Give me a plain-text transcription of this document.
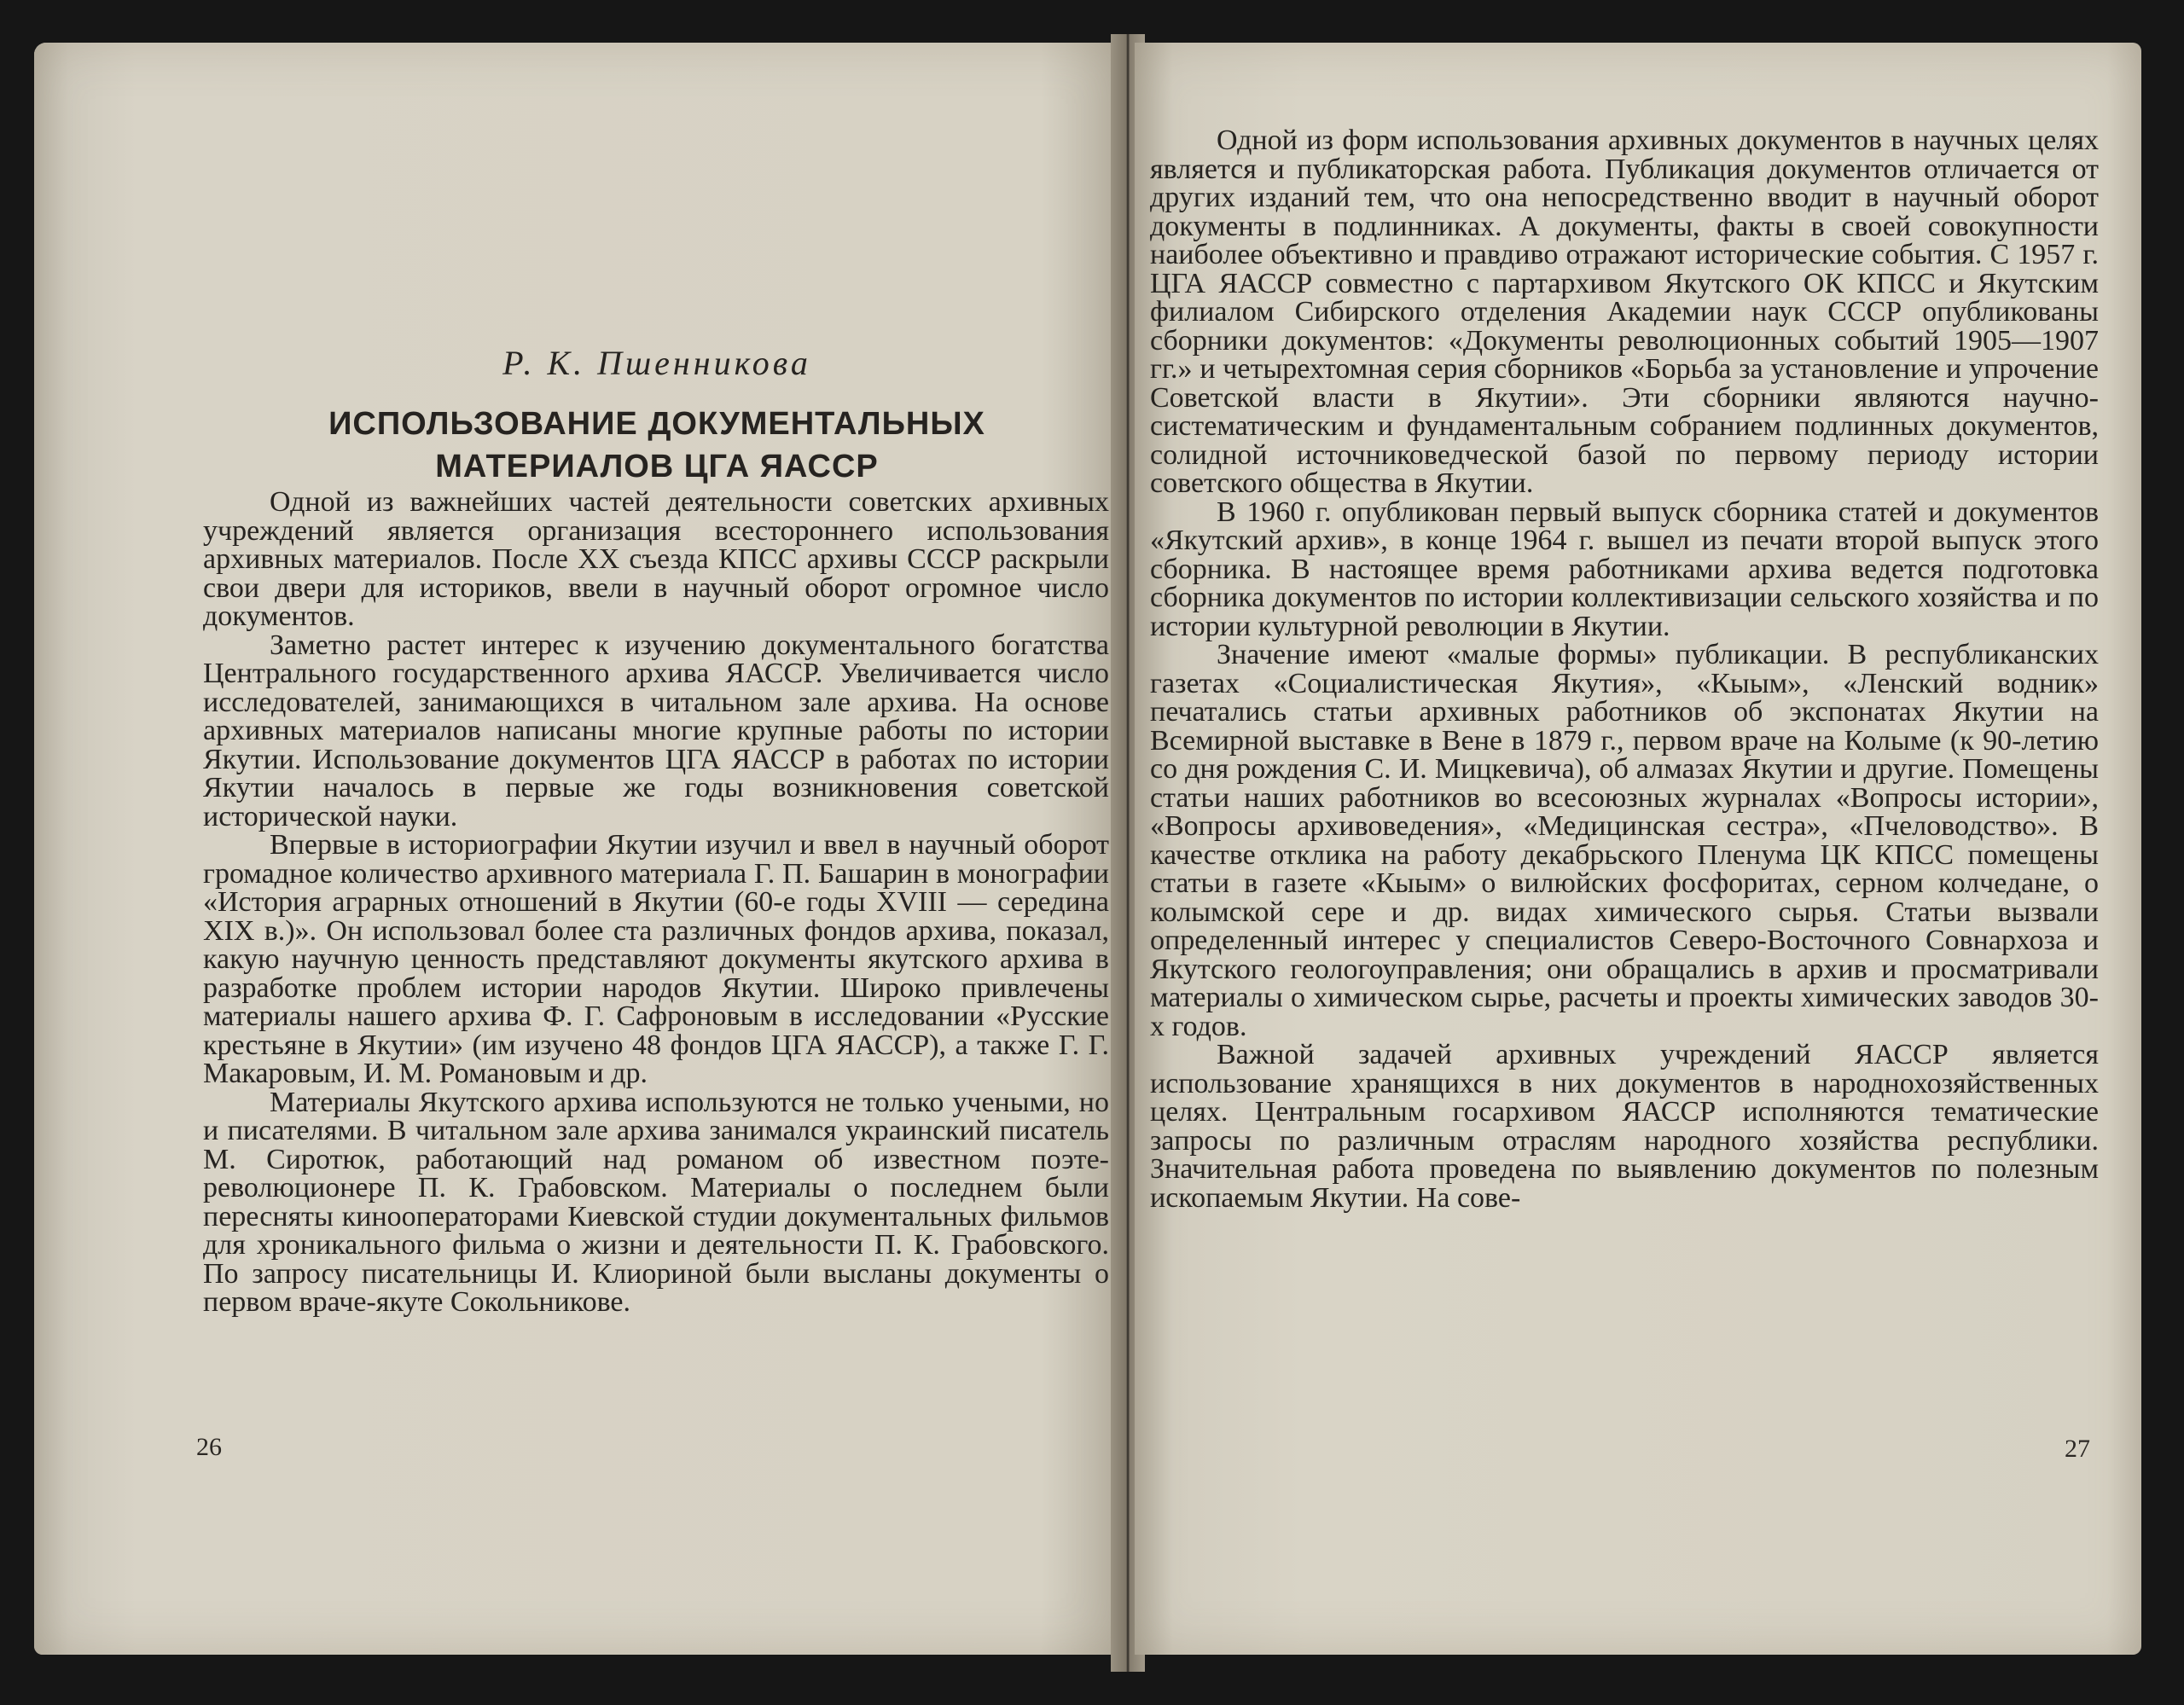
Р. К. Пшенникова
ИСПОЛЬЗОВАНИЕ ДОКУМЕНТАЛЬНЫХ
МАТЕРИАЛОВ ЦГА ЯАССР

Одной из важнейших частей деятельности советских архивных учреждений является организация всестороннего использования архивных материалов. После XX съезда КПСС архивы СССР раскрыли свои двери для историков, ввели в научный оборот огромное число документов.

Заметно растет интерес к изучению документального богатства Центрального государственного архива ЯАССР. Увеличивается число исследователей, занимающихся в читальном зале архива. На основе архивных материалов написаны многие крупные работы по истории Якутии. Использование документов ЦГА ЯАССР в работах по истории Якутии началось в первые же годы возникновения советской исторической науки.

Впервые в историографии Якутии изучил и ввел в научный оборот громадное количество архивного материала Г. П. Башарин в монографии «История аграрных отношений в Якутии (60-е годы XVIII — середина XIX в.)». Он использовал более ста различных фондов архива, показал, какую научную ценность представляют документы якутского архива в разработке проблем истории народов Якутии. Широко привлечены материалы нашего архива Ф. Г. Сафроновым в исследовании «Русские крестьяне в Якутии» (им изучено 48 фондов ЦГА ЯАССР), а также Г. Г. Макаровым, И. М. Романовым и др.

Материалы Якутского архива используются не только учеными, но и писателями. В читальном зале архива занимался украинский писатель М. Сиротюк, работающий над романом об известном поэте-революционере П. К. Грабовском. Материалы о последнем были пересняты кинооператорами Киевской студии документальных фильмов для хроникального фильма о жизни и деятельности П. К. Грабовского. По запросу писательницы И. Клиориной были высланы документы о первом враче-якуте Сокольникове.

26

Одной из форм использования архивных документов в научных целях является и публикаторская работа. Публикация документов отличается от других изданий тем, что она непосредственно вводит в научный оборот документы в подлинниках. А документы, факты в своей совокупности наиболее объективно и правдиво отражают исторические события. С 1957 г. ЦГА ЯАССР совместно с партархивом Якутского ОК КПСС и Якутским филиалом Сибирского отделения Академии наук СССР опубликованы сборники документов: «Документы революционных событий 1905—1907 гг.» и четырехтомная серия сборников «Борьба за установление и упрочение Советской власти в Якутии». Эти сборники являются научно-систематическим и фундаментальным собранием подлинных документов, солидной источниковедческой базой по первому периоду истории советского общества в Якутии.

В 1960 г. опубликован первый выпуск сборника статей и документов «Якутский архив», в конце 1964 г. вышел из печати второй выпуск этого сборника. В настоящее время работниками архива ведется подготовка сборника документов по истории коллективизации сельского хозяйства и по истории культурной революции в Якутии.

Значение имеют «малые формы» публикации. В республиканских газетах «Социалистическая Якутия», «Кыым», «Ленский водник» печатались статьи архивных работников об экспонатах Якутии на Всемирной выставке в Вене в 1879 г., первом враче на Колыме (к 90-летию со дня рождения С. И. Мицкевича), об алмазах Якутии и другие. Помещены статьи наших работников во всесоюзных журналах «Вопросы истории», «Вопросы архивоведения», «Медицинская сестра», «Пчеловодство». В качестве отклика на работу декабрьского Пленума ЦК КПСС помещены статьи в газете «Кыым» о вилюйских фосфоритах, серном колчедане, о колымской сере и др. видах химического сырья. Статьи вызвали определенный интерес у специалистов Северо-Восточного Совнархоза и Якутского геологоуправления; они обращались в архив и просматривали материалы о химическом сырье, расчеты и проекты химических заводов 30-х годов.

Важной задачей архивных учреждений ЯАССР является использование хранящихся в них документов в народнохозяйственных целях. Центральным госархивом ЯАССР исполняются тематические запросы по различным отраслям народного хозяйства республики. Значительная работа проведена по выявлению документов по полезным ископаемым Якутии. На сове-

27
